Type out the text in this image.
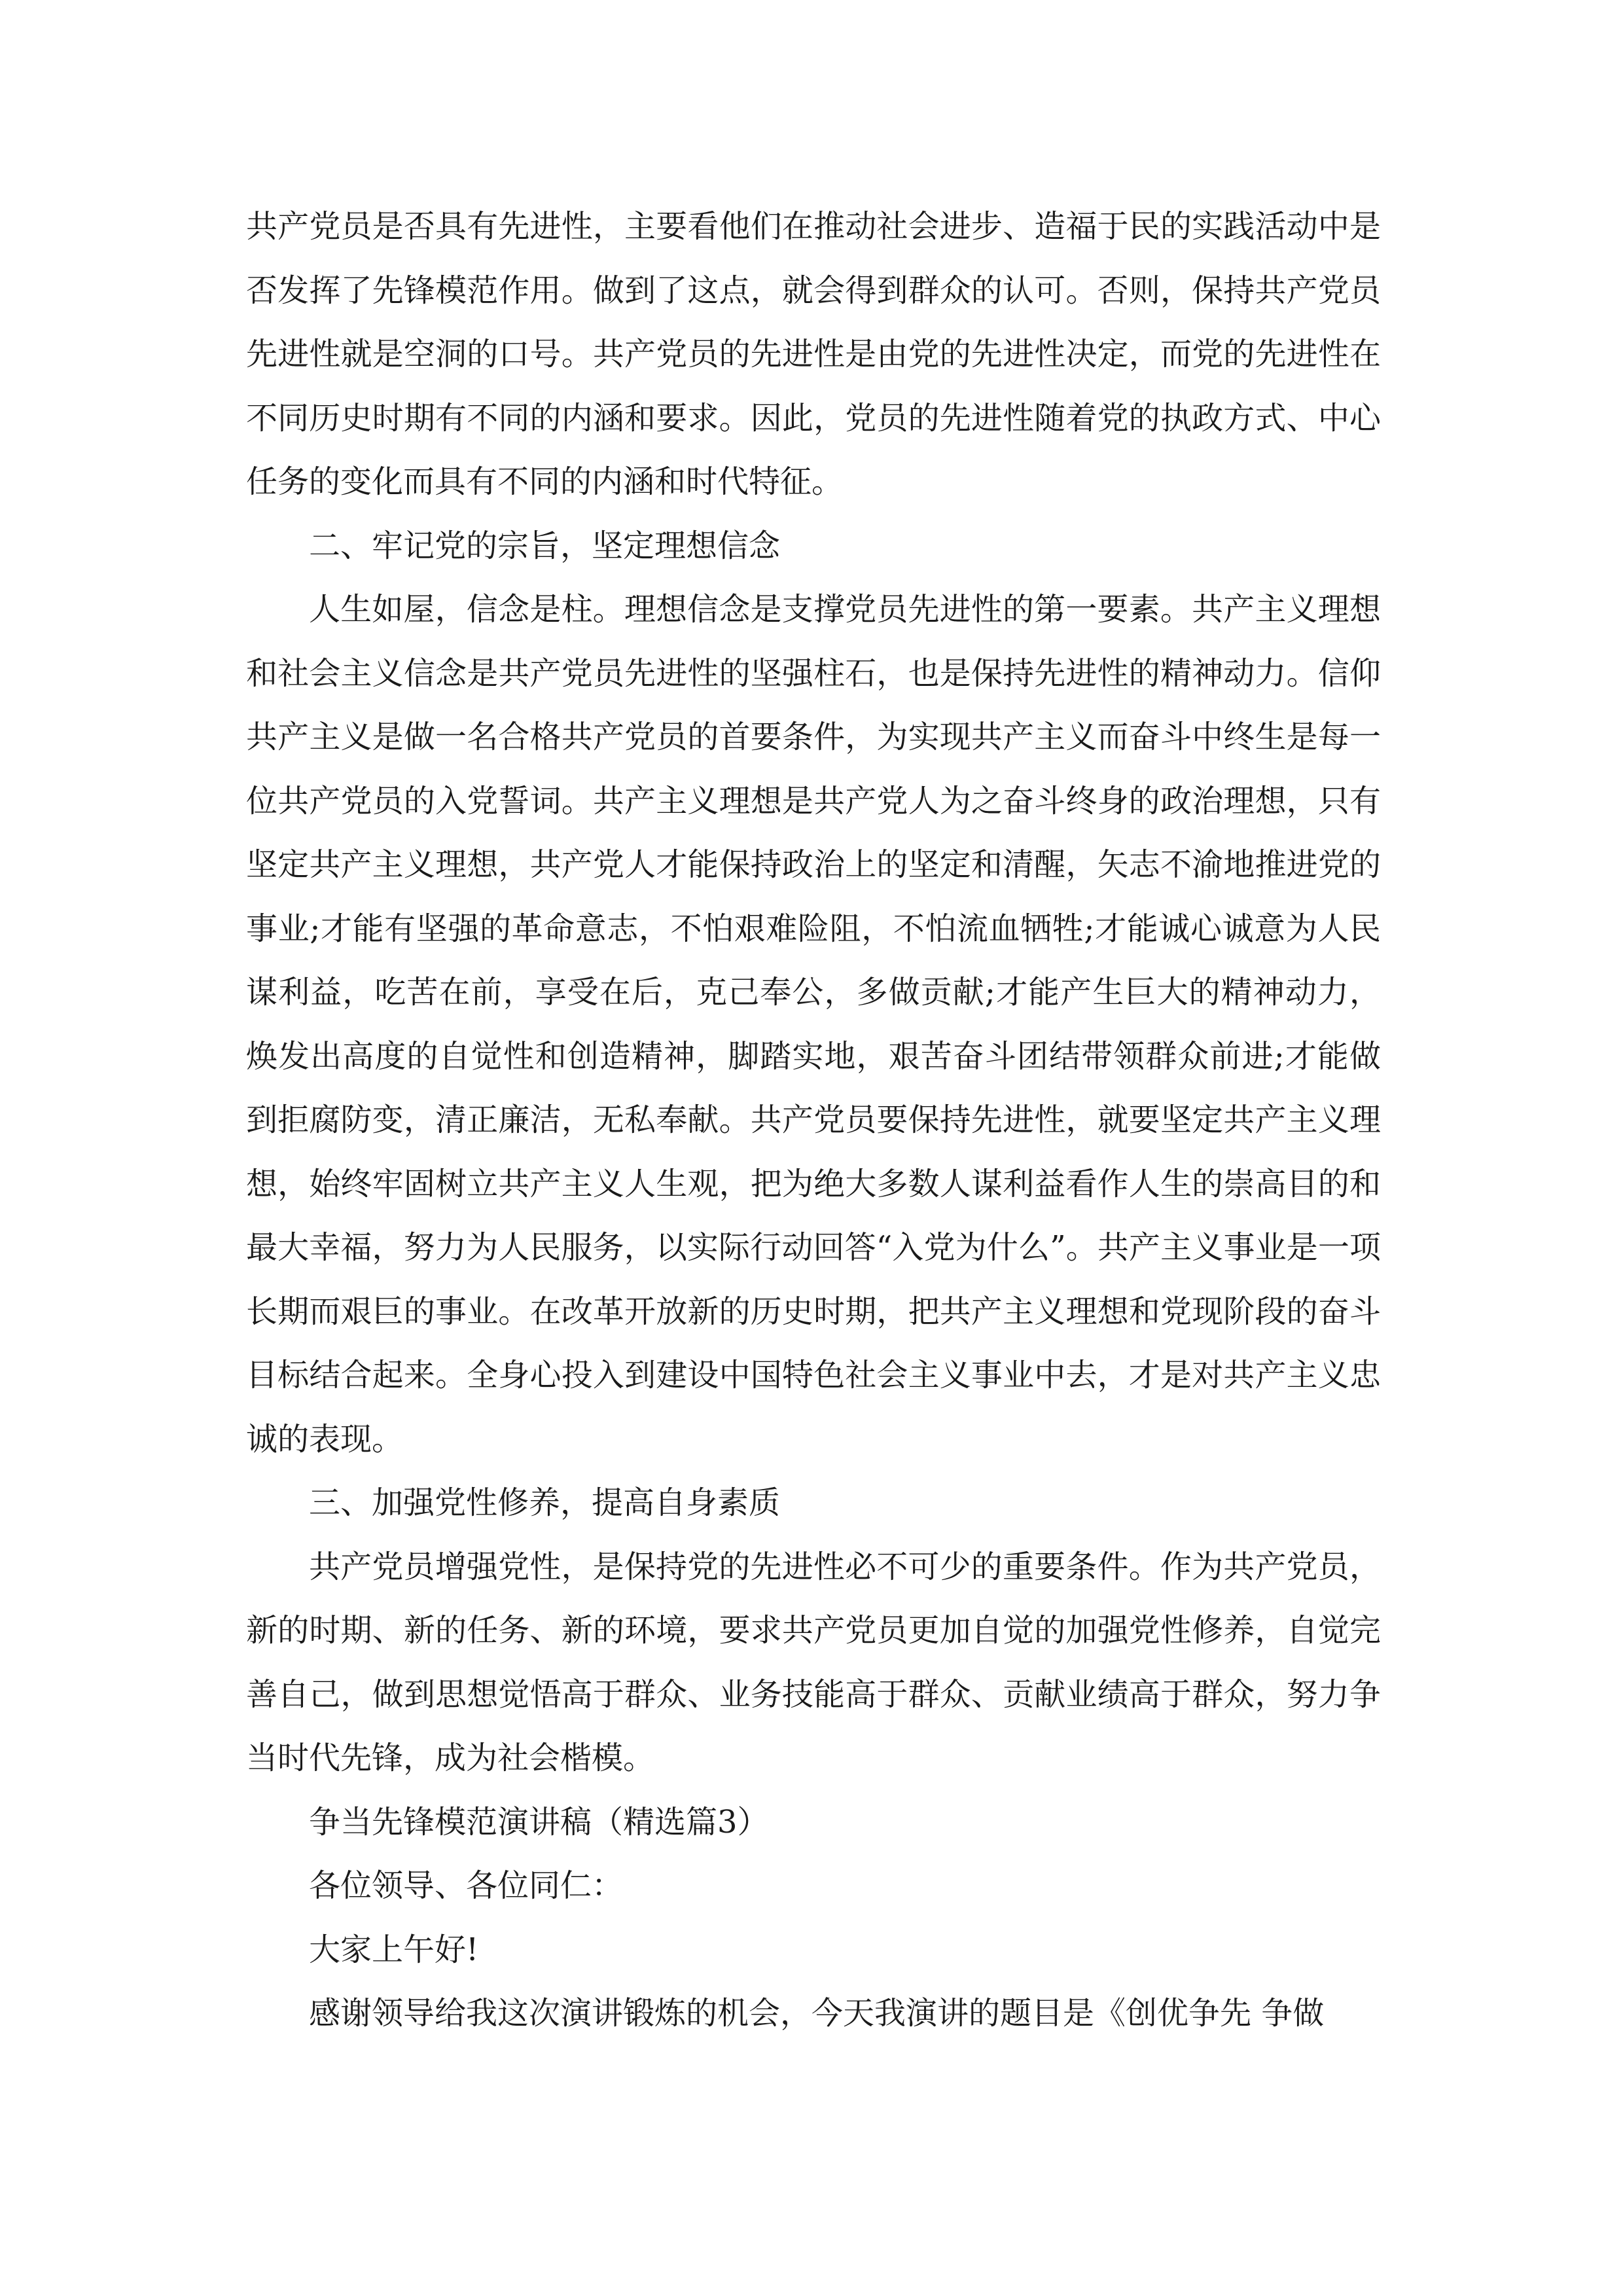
共产党员是否具有先进性，主要看他们在推动社会进步、造福于民的实践活动中是否发挥了先锋模范作用。做到了这点，就会得到群众的认可。否则，保持共产党员先进性就是空洞的口号。共产党员的先进性是由党的先进性决定，而党的先进性在不同历史时期有不同的内涵和要求。因此，党员的先进性随着党的执政方式、中心任务的变化而具有不同的内涵和时代特征。

二、牢记党的宗旨，坚定理想信念

人生如屋，信念是柱。理想信念是支撑党员先进性的第一要素。共产主义理想和社会主义信念是共产党员先进性的坚强柱石，也是保持先进性的精神动力。信仰共产主义是做一名合格共产党员的首要条件，为实现共产主义而奋斗中终生是每一位共产党员的入党誓词。共产主义理想是共产党人为之奋斗终身的政治理想，只有坚定共产主义理想，共产党人才能保持政治上的坚定和清醒，矢志不渝地推进党的事业;才能有坚强的革命意志，不怕艰难险阻，不怕流血牺牲;才能诚心诚意为人民谋利益，吃苦在前，享受在后，克己奉公，多做贡献;才能产生巨大的精神动力，焕发出高度的自觉性和创造精神，脚踏实地，艰苦奋斗团结带领群众前进;才能做到拒腐防变，清正廉洁，无私奉献。共产党员要保持先进性，就要坚定共产主义理想，始终牢固树立共产主义人生观，把为绝大多数人谋利益看作人生的崇高目的和最大幸福，努力为人民服务，以实际行动回答“入党为什么”。共产主义事业是一项长期而艰巨的事业。在改革开放新的历史时期，把共产主义理想和党现阶段的奋斗目标结合起来。全身心投入到建设中国特色社会主义事业中去，才是对共产主义忠诚的表现。

三、加强党性修养，提高自身素质

共产党员增强党性，是保持党的先进性必不可少的重要条件。作为共产党员，新的时期、新的任务、新的环境，要求共产党员更加自觉的加强党性修养，自觉完善自己，做到思想觉悟高于群众、业务技能高于群众、贡献业绩高于群众，努力争当时代先锋，成为社会楷模。

争当先锋模范演讲稿（精选篇3）

各位领导、各位同仁：

大家上午好!

感谢领导给我这次演讲锻炼的机会，今天我演讲的题目是《创优争先 争做
